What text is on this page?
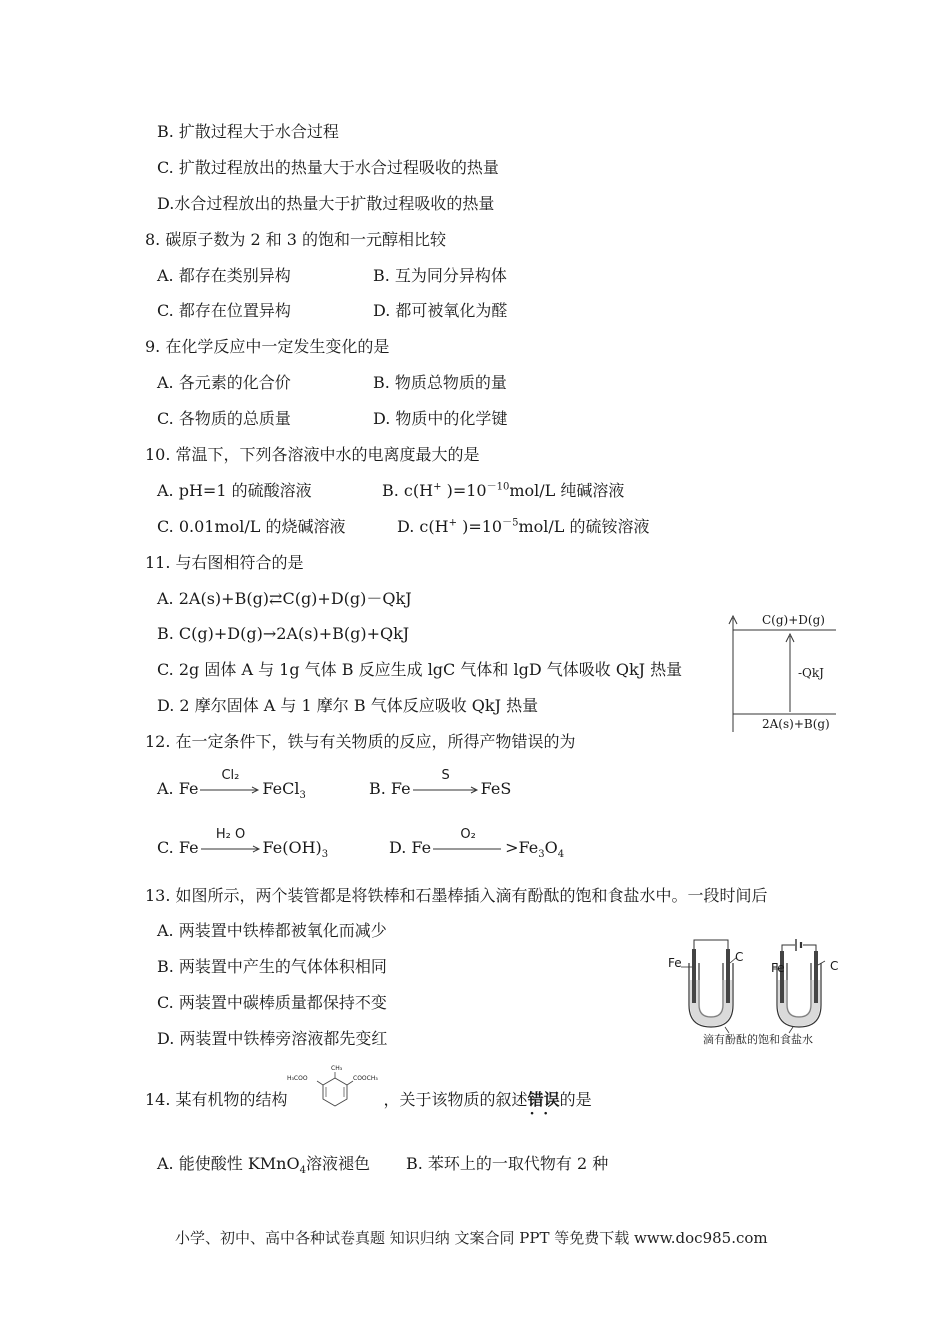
B. 扩散过程大于水合过程
C. 扩散过程放出的热量大于水合过程吸收的热量
D.水合过程放出的热量大于扩散过程吸收的热量
8. 碳原子数为 2 和 3 的饱和一元醇相比较
A. 都存在类别异构	B. 互为同分异构体
C. 都存在位置异构	D. 都可被氧化为醛
9. 在化学反应中一定发生变化的是
A. 各元素的化合价	B. 物质总物质的量
C. 各物质的总质量	D. 物质中的化学键
10. 常温下，下列各溶液中水的电离度最大的是
A. pH=1 的硫酸溶液	B. c(H+ )$=10^{-10}mol/L$ 纯碱溶液
C. 0.01mol/L 的烧碱溶液	D. c(H+ )$=10^{-5}mol/L$ 的硫铵溶液
11. 与右图相符合的是
A. 2A(s)+B(g)⇄C(g)+D(g)－QkJ
B. C(g)+D(g)→2A(s)+B(g)+QkJ
C. 2g 固体 A 与 1g 气体 B 反应生成 lgC 气体和 lgD 气体吸收 QkJ 热量
D. 2 摩尔固体 A 与 1 摩尔 B 气体反应吸收 QkJ 热量
C(g)+D(g)
-QkJ
2A(s)+B(g)
12. 在一定条件下，铁与有关物质的反应，所得产物错误的为
A. Fe
Cl₂
FeCl$_3$	B. Fe
S
FeS
C. Fe
H₂ O
$Fe(OH)_3$	D. Fe
O₂
$>Fe_3O_4$
13. 如图所示，两个装管都是将铁棒和石墨棒插入滴有酚酞的饱和食盐水中。一段时间后
A. 两装置中铁棒都被氧化而减少
B. 两装置中产生的气体体积相同
C. 两装置中碳棒质量都保持不变
D. 两装置中铁棒旁溶液都先变红
Fe	C
Fe	C
滴有酚酞的饱和食盐水
14. 某有机物的结构	，关于该物质的叙述错误 · ·的是
CH₃
H₃COO	COOCH₃
A. 能使酸性 KMnO$_4$溶液褪色 B. 苯环上的一取代物有 2 种
小学、初中、高中各种试卷真题 知识归纳 文案合同 PPT 等免费下载 www.doc985.com
